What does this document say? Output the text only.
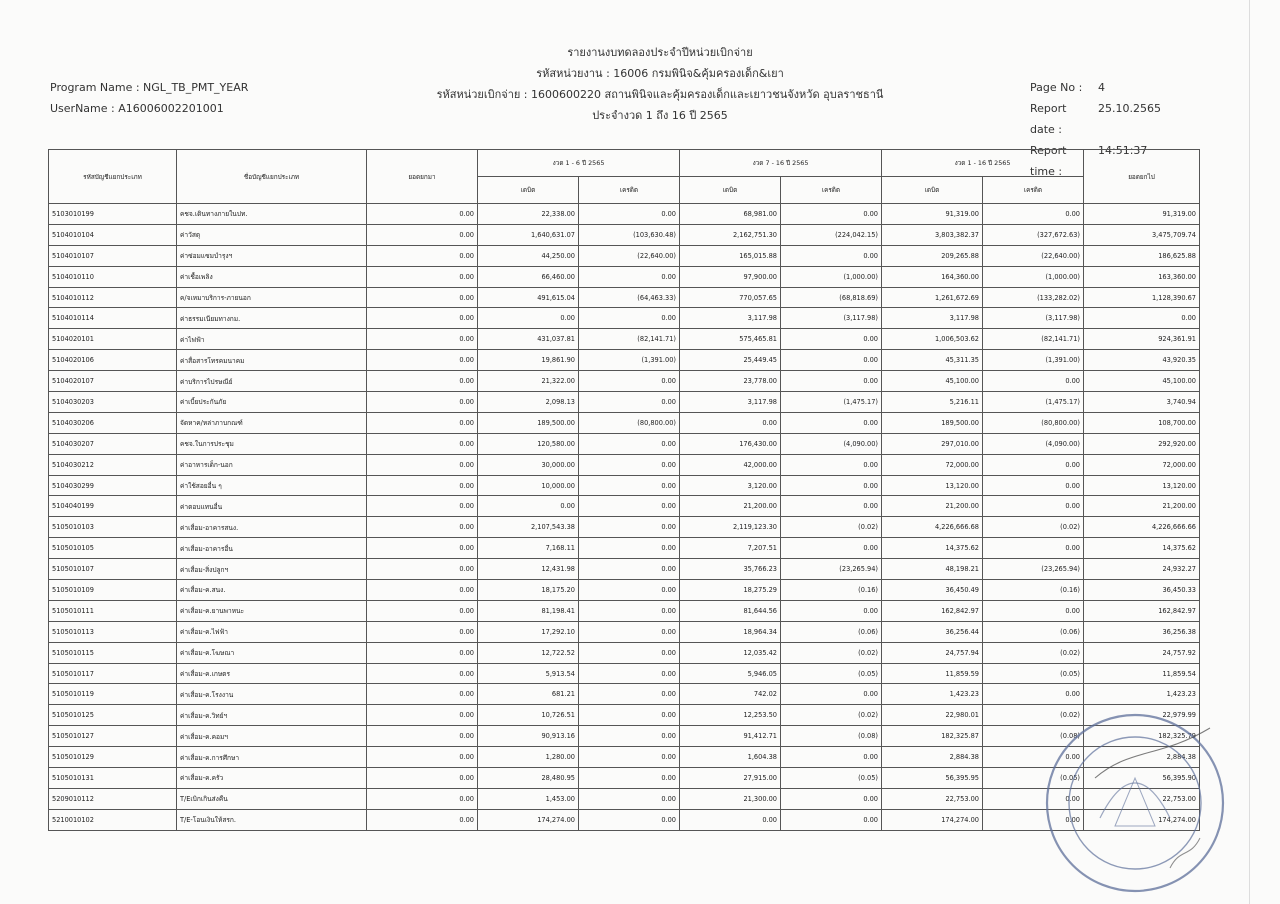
รายงานงบทดลองประจำปีหน่วยเบิกจ่าย
รหัสหน่วยงาน : 16006 กรมพินิจ&คุ้มครองเด็ก&เยา
รหัสหน่วยเบิกจ่าย : 1600600220 สถานพินิจและคุ้มครองเด็กและเยาวชนจังหวัด อุบลราชธานี
ประจำงวด 1 ถึง 16 ปี 2565
Program Name : NGL_TB_PMT_YEAR
UserName : A16006002201001
Page No :	4
Report date :
25.10.2565
Report time :
14:51:37
รหัสบัญชีแยกประเภท	ชื่อบัญชีแยกประเภท	ยอดยกมา	งวด 1 - 6 ปี 2565		งวด 7 - 16 ปี 2565		งวด 1 - 16 ปี 2565		ยอดยกไป
			เดบิต	เครดิต	เดบิต	เครดิต	เดบิต	เครดิต	
5103010199	คชจ.เดินทางภายในปท.	0.00	22,338.00	0.00	68,981.00	0.00	91,319.00	0.00	91,319.00
5104010104	ค่าวัสดุ	0.00	1,640,631.07	(103,630.48)	2,162,751.30	(224,042.15)	3,803,382.37	(327,672.63)	3,475,709.74
5104010107	ค่าซ่อมแซมบำรุงฯ	0.00	44,250.00	(22,640.00)	165,015.88	0.00	209,265.88	(22,640.00)	186,625.88
5104010110	ค่าเชื้อเพลิง	0.00	66,460.00	0.00	97,900.00	(1,000.00)	164,360.00	(1,000.00)	163,360.00
5104010112	ค/จเหมาบริการ-ภายนอก	0.00	491,615.04	(64,463.33)	770,057.65	(68,818.69)	1,261,672.69	(133,282.02)	1,128,390.67
5104010114	ค่าธรรมเนียมทางกม.	0.00	0.00	0.00	3,117.98	(3,117.98)	3,117.98	(3,117.98)	0.00
5104020101	ค่าไฟฟ้า	0.00	431,037.81	(82,141.71)	575,465.81	0.00	1,006,503.62	(82,141.71)	924,361.91
5104020106	ค่าสื่อสารโทรคมนาคม	0.00	19,861.90	(1,391.00)	25,449.45	0.00	45,311.35	(1,391.00)	43,920.35
5104020107	ค่าบริการไปรษณีย์	0.00	21,322.00	0.00	23,778.00	0.00	45,100.00	0.00	45,100.00
5104030203	ค่าเบี้ยประกันภัย	0.00	2,098.13	0.00	3,117.98	(1,475.17)	5,216.11	(1,475.17)	3,740.94
5104030206	จัดหาค/หล่าภาบกณฑ์	0.00	189,500.00	(80,800.00)	0.00	0.00	189,500.00	(80,800.00)	108,700.00
5104030207	คชจ.ในการประชุม	0.00	120,580.00	0.00	176,430.00	(4,090.00)	297,010.00	(4,090.00)	292,920.00
5104030212	ค่าอาหารเด็ก-นอก	0.00	30,000.00	0.00	42,000.00	0.00	72,000.00	0.00	72,000.00
5104030299	ค่าใช้สอยอื่น ๆ	0.00	10,000.00	0.00	3,120.00	0.00	13,120.00	0.00	13,120.00
5104040199	ค่าตอบแทนอื่น	0.00	0.00	0.00	21,200.00	0.00	21,200.00	0.00	21,200.00
5105010103	ค่าเสื่อม-อาคารสนง.	0.00	2,107,543.38	0.00	2,119,123.30	(0.02)	4,226,666.68	(0.02)	4,226,666.66
5105010105	ค่าเสื่อม-อาคารอื่น	0.00	7,168.11	0.00	7,207.51	0.00	14,375.62	0.00	14,375.62
5105010107	ค่าเสื่อม-สิ่งปลูกฯ	0.00	12,431.98	0.00	35,766.23	(23,265.94)	48,198.21	(23,265.94)	24,932.27
5105010109	ค่าเสื่อม-ค.สนง.	0.00	18,175.20	0.00	18,275.29	(0.16)	36,450.49	(0.16)	36,450.33
5105010111	ค่าเสื่อม-ค.ยานพาหนะ	0.00	81,198.41	0.00	81,644.56	0.00	162,842.97	0.00	162,842.97
5105010113	ค่าเสื่อม-ค.ไฟฟ้า	0.00	17,292.10	0.00	18,964.34	(0.06)	36,256.44	(0.06)	36,256.38
5105010115	ค่าเสื่อม-ค.โฆษณา	0.00	12,722.52	0.00	12,035.42	(0.02)	24,757.94	(0.02)	24,757.92
5105010117	ค่าเสื่อม-ค.เกษตร	0.00	5,913.54	0.00	5,946.05	(0.05)	11,859.59	(0.05)	11,859.54
5105010119	ค่าเสื่อม-ค.โรงงาน	0.00	681.21	0.00	742.02	0.00	1,423.23	0.00	1,423.23
5105010125	ค่าเสื่อม-ค.วิทย์ฯ	0.00	10,726.51	0.00	12,253.50	(0.02)	22,980.01	(0.02)	22,979.99
5105010127	ค่าเสื่อม-ค.คอมฯ	0.00	90,913.16	0.00	91,412.71	(0.08)	182,325.87	(0.08)	182,325.79
5105010129	ค่าเสื่อม-ค.การศึกษา	0.00	1,280.00	0.00	1,604.38	0.00	2,884.38	0.00	2,884.38
5105010131	ค่าเสื่อม-ค.ครัว	0.00	28,480.95	0.00	27,915.00	(0.05)	56,395.95	(0.05)	56,395.90
5209010112	T/Eเบิกเกินส่งคืน	0.00	1,453.00	0.00	21,300.00	0.00	22,753.00	0.00	22,753.00
5210010102	T/E-โอนเงินให้สรก.	0.00	174,274.00	0.00	0.00	0.00	174,274.00	0.00	174,274.00
